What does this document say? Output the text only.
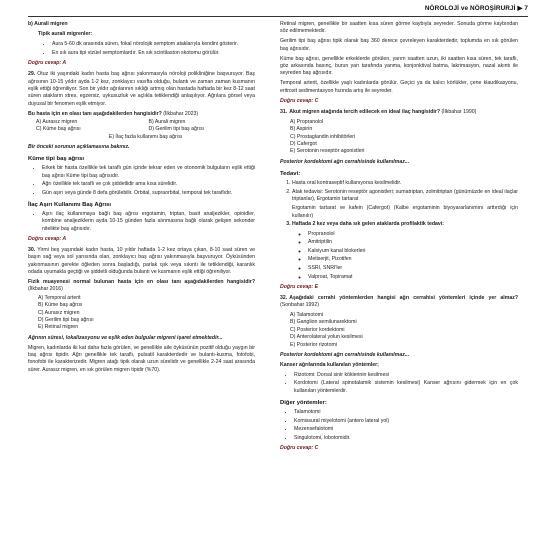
NÖROLOJİ ve NÖROŞİRURJİ ▶ 7

b) Aurali migren

Tipik aurali migrenler:

• Aura 5-60 dk arasında süren, fokal nörolojik semptom ataklarıyla kendini gösterir.
• En sık aura tipi vizüel semptomlardır. En sık scintilaston skotomu görülür.

Doğru cevap: A

29. Otuz iki yaşındaki kadın hasta baş ağrısı yakınmasıyla nöroloji polikliniğine başvuruyor. Baş ağrısının 10-15 yıldır ayda 1-2 kez, zonklayıcı vasıfta olduğu, bulantı ve zaman zaman kusmanın eşlik ettiği öğreniliyor. Son bir yıldır ağrılarının sıklığı artmış olan hastada haftada bir kez 8-12 saat süren atakların stres, egzersiz, uykusuzluk ve açlıkla tetiklendiği anlaşılıyor. Ağrılara görsel veya duyusal bir fenomen eşlik etmiyor.

Bu hasta için en olası tanı aşağıdakilerden hangisidir? (İlkbahar 2023)

A) Aurasız migren	B) Aurali migren
C) Küme baş ağrısı	D) Gerilim tipi baş ağrısı
E) İlaç fazla kullanımı baş ağrısı

Bir önceki sorunun açıklamasına bakınız.

Küme tipi baş ağrısı
• Erkek bir hasta özellikle tek taraflı gün içinde tekrar eden ve otonomik bulguların eşlik ettiği baş ağrısı Küme tipi baş ağrısıdır.
• Ağrı özellikle tek taraflı ve çok şiddetlidir ama kısa sürelidir.
• Gün aşırı veya günde 8 defa görülebilir. Orbital, supraorbital, temporal tek taraflıdır.
İlaç Aşırı Kullanımı Baş Ağrısı
• Aşırı ilaç kullanımaya bağlı baş ağrısı ergotamin, triptan, basit analjezikler, opioidler, kombine analjeziklerin ayda 10-15 günden fazla alınmasına bağlı olarak gelişen sekonder nitelikte baş ağrısıdır.

Doğru cevap: A

30. Yirmi beş yaşındaki kadın hasta, 10 yıldır haftada 1-2 kez ortaya çıkan, 8-10 saat süren ve başın sağ veya sol yarısında olan, zonklayıcı baş ağrısı yakınmasıyla başvuruyor. Öyküsünden yakınmasının gerekte öğleden sonra başladığı, parlak ışık veya sıkıntı ile tetiklendiği, karanlık odada uyumakla geçtiği ve şiddetli olduğunda bulantı ve kusmanın eşlik ettiği öğreniliyor.

Fizik muayenesi normal bulunan hasta için en olası tanı aşağıdakilerden hangisidir? (İlkbahar 2016)

A) Temporal arterit
B) Küme baş ağrısı
C) Aurasız migren
D) Gerilim tipi baş ağrısı
E) Retinal migren

Ağrının süresi, lokalizasyonu ve eşlik eden bulgular migreni işaret etmektedir...

Migren, kadınlarda iki kat daha fazla görülen, ve genellikle aile öyküsünün pozitif olduğu yaygın bir baş ağrısı tipidir. Ağrı genellikle tek taraflı, pulsatil karakterdedir ve bulantı-kusma, fotofobi, fonofobi ile karakterizedir. Migren atağı tipik olarak uzun sürelidir ve genellikle 2-24 saat arasında sürer. Aurasız migren, en sık görülen migren tipidir (%70).

Retinal migren, genellikle bir saatten kısa süren görme kaybıyla seyreder. Sonuda görme kaybından söz edilmemektedir.

Gerilim tipi baş ağrısı tipik olarak baş 360 derece çevreleyen karakterdedir, toplumda en sık görülen baş ağrısıdır.

Küme baş ağrısı, genellikle erkeklerde görülen, yarım saatten uzun, iki saatten kısa süren, tek taraflı, göz arkasında basınç, burun yarı tarafında yanma, konjonktival batma, lakrimasyon, nazal akıntı ile seyreden baş ağrısıdır.

Temporal arterit, özellikle yaşlı kadınlarda görülür. Geçici ya da kalıcı körlükler, çene klaudikasyonu, eritrosit sedimentasyon hızında artış ile seyreder.

Doğru cevap: C

31. Akut migren atağında tercih edilecek en ideal ilaç hangisidir? (İlkbahar 1990)

A) Propranolol
B) Aspirin
C) Prostaglandin inhibitörleri
D) Cafergot
E) Serotonin reseptör agonistleri

Posterior kordektomi ağrı cerrahisinde kullanılmaz...

Tedavi:
1. Hasta oral kontraseptif kullanıyorsa kesilmelidir.
2. Atak tedavisi: Serotonin reseptör agonistleri; sumatriptan, zolmitriptan (günümüzde en ideal ilaçlar triptanlar), Ergotamin tartarat
Ergotamin tartarat ve kafein (Cafergot) (Kalbe ergotaminin biyoyararlanımını arttırdığı için kullanılır)
3. Haftada 2 kez veya daha sık gelen ataklarda profilaktik tedavi:
◦ Propranolol
◦ Amitriptilin
◦ Kalsiyum kanal blokerleri
◦ Metiserjit, Pizotifen
◦ SSRI, SNRI'ler
◦ Valproat, Topiramat

Doğru cevap: E

32. Aşağıdaki cerrahi yöntemlerden hangisi ağrı cerrahisi yöntemleri içinde yer almaz? (Sonbahar 1992)

A) Talamotomi
B) Ganglion semilunarektomi
C) Posterior kordektomi
D) Anterolateral yolun kesilmesi
E) Posterior rizotomi

Posterior kordektomi ağrı cerrahisinde kullanılmaz...

Kanser ağrılarında kullanılan yöntemler;

• Rizotomi: Dorsal sinir köklerinin kesilmesi
• Kordotomi (Lateral spinotalamik sistemin kesilmesi) Kanser ağrısını gidermek için en çok kullanılan yöntemlerdir.
Diğer yöntemler:
• Talamotomi
• Komissural miyelotomi (antero lateral yol)
• Mezensefalotomi
• Singulotomi, lobotomidir.

Doğru cevap: C
